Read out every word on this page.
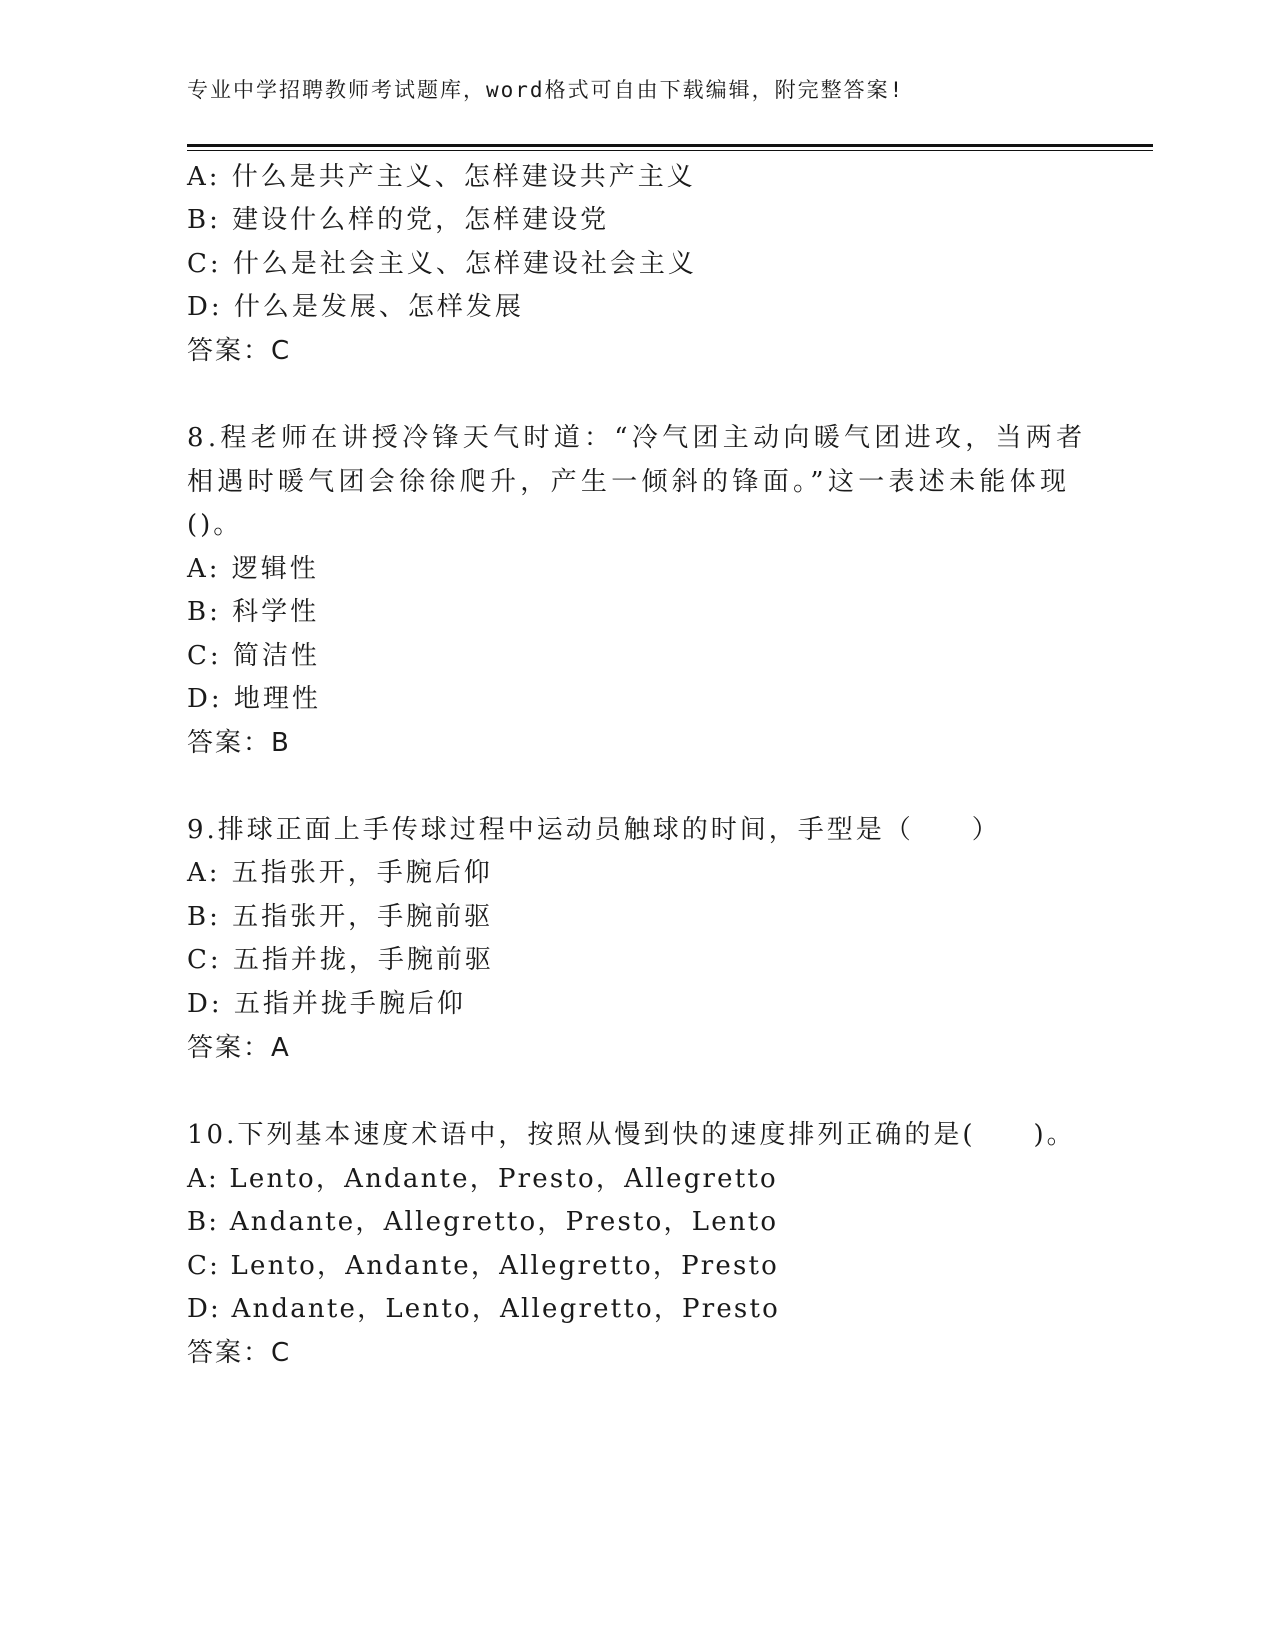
专业中学招聘教师考试题库，word格式可自由下载编辑，附完整答案!
A: 什么是共产主义、怎样建设共产主义
B: 建设什么样的党，怎样建设党
C: 什么是社会主义、怎样建设社会主义
D: 什么是发展、怎样发展
答案：C
8.程老师在讲授冷锋天气时道：“冷气团主动向暖气团进攻，当两者
相遇时暖气团会徐徐爬升，产生一倾斜的锋面。”这一表述未能体现
()。
A: 逻辑性
B: 科学性
C: 简洁性
D: 地理性
答案：B
9.排球正面上手传球过程中运动员触球的时间，手型是（　　）
A: 五指张开，手腕后仰
B: 五指张开，手腕前驱
C: 五指并拢，手腕前驱
D: 五指并拢手腕后仰
答案：A
10.下列基本速度术语中，按照从慢到快的速度排列正确的是(　　)。
A: Lento，Andante，Presto，Allegretto
B: Andante，Allegretto，Presto，Lento
C: Lento，Andante，Allegretto，Presto
D: Andante，Lento，Allegretto，Presto
答案：C
